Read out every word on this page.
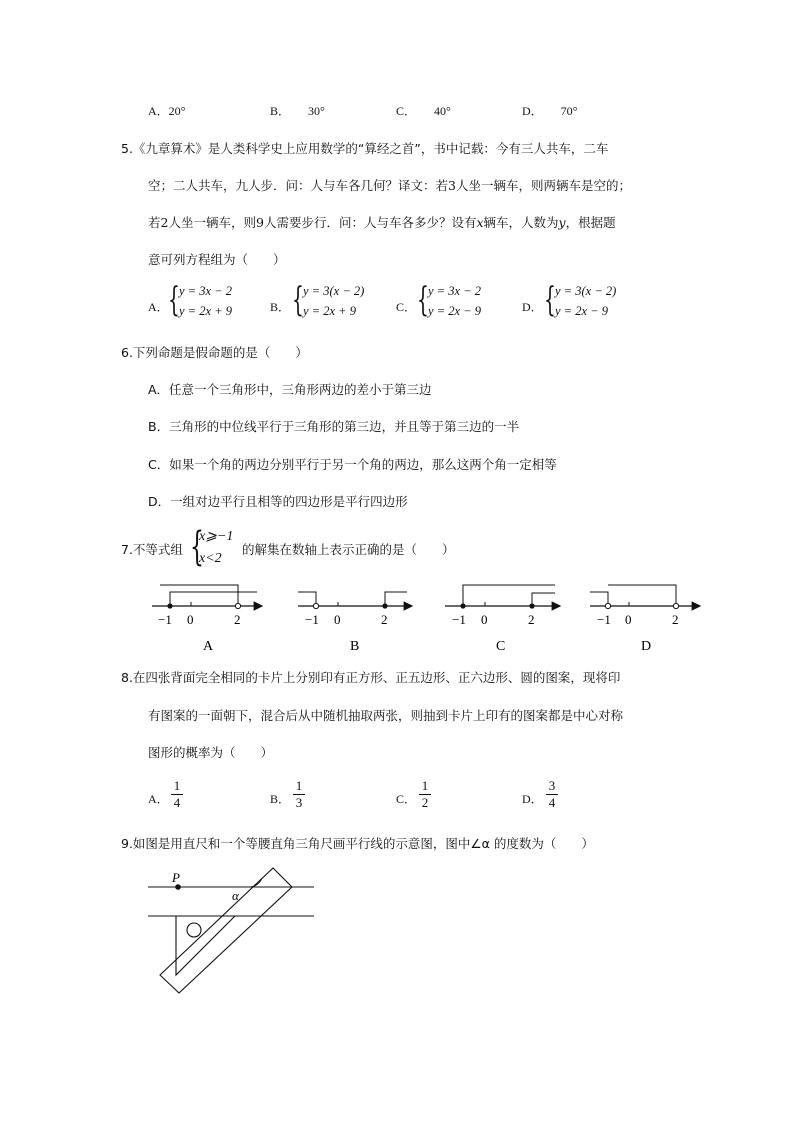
A．20°	B． 30°	C． 40°	D． 70°
5.《九章算术》是人类科学史上应用数学的“算经之首”，书中记载：今有三人共车，二车
空；二人共车，九人步．问：人与车各几何？译文：若3人坐一辆车，则两辆车是空的；
若2人坐一辆车，则9人需要步行．问：人与车各多少？设有x辆车，人数为y，根据题
意可列方程组为（　　）
A． { y = 3x − 2
y = 2x + 9	B． { y = 3(x − 2)
y = 2x + 9	C． { y = 3x − 2
y = 2x − 9	D． { y = 3(x − 2)
y = 2x − 9
6.下列命题是假命题的是（　　）
A．任意一个三角形中，三角形两边的差小于第三边
B．三角形的中位线平行于三角形的第三边，并且等于第三边的一半
C．如果一个角的两边分别平行于另一个角的两边，那么这两个角一定相等
D．一组对边平行且相等的四边形是平行四边形
7.不等式组 {
x⩾−1
x<2
的解集在数轴上表示正确的是（　　）
−1 0	2
A
−1 0	2
B
−1 0	2
C
−1 0	2
D
8.在四张背面完全相同的卡片上分别印有正方形、正五边形、正六边形、圆的图案，现将印
有图案的一面朝下，混合后从中随机抽取两张，则抽到卡片上印有的图案都是中心对称
图形的概率为（　　）
A．
1
4	B．
1
3	C．
1
2	D．
3
4
9.如图是用直尺和一个等腰直角三角尺画平行线的示意图，图中∠α 的度数为（　　）
P
α
